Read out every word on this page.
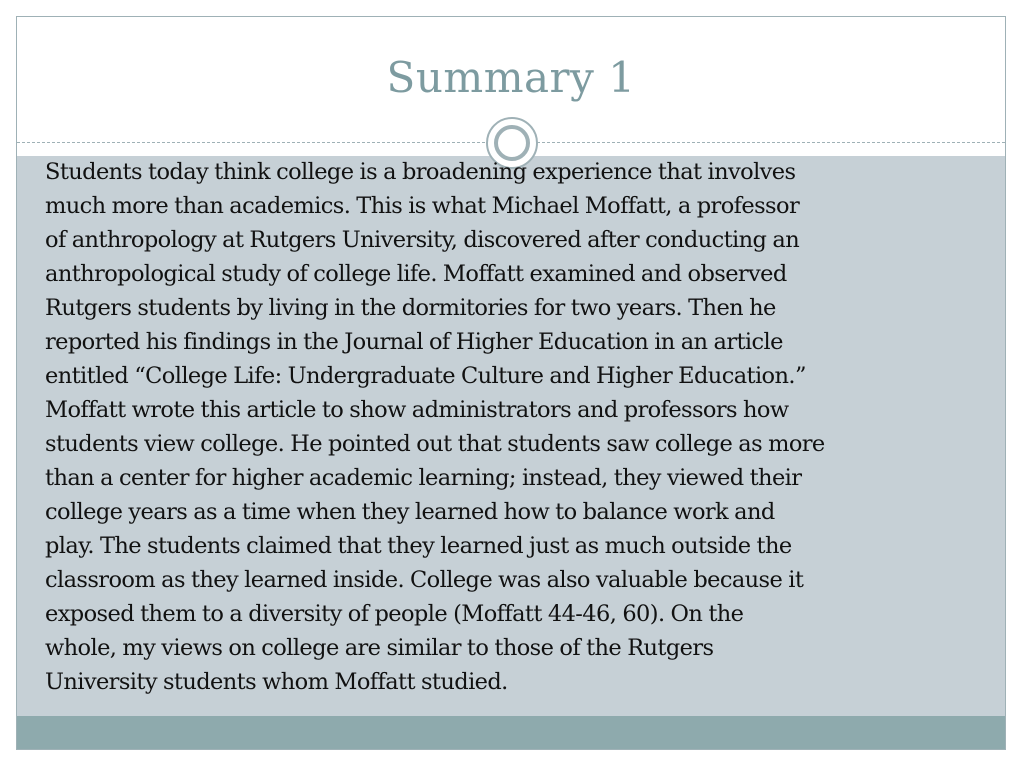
Summary 1

Students today think college is a broadening experience that involves
much more than academics. This is what Michael Moffatt, a professor
of anthropology at Rutgers University, discovered after conducting an
anthropological study of college life. Moffatt examined and observed
Rutgers students by living in the dormitories for two years. Then he
reported his findings in the Journal of Higher Education in an article
entitled “College Life: Undergraduate Culture and Higher Education.”
Moffatt wrote this article to show administrators and professors how
students view college. He pointed out that students saw college as more
than a center for higher academic learning; instead, they viewed their
college years as a time when they learned how to balance work and
play. The students claimed that they learned just as much outside the
classroom as they learned inside. College was also valuable because it
exposed them to a diversity of people (Moffatt 44-46, 60). On the
whole, my views on college are similar to those of the Rutgers
University students whom Moffatt studied.
